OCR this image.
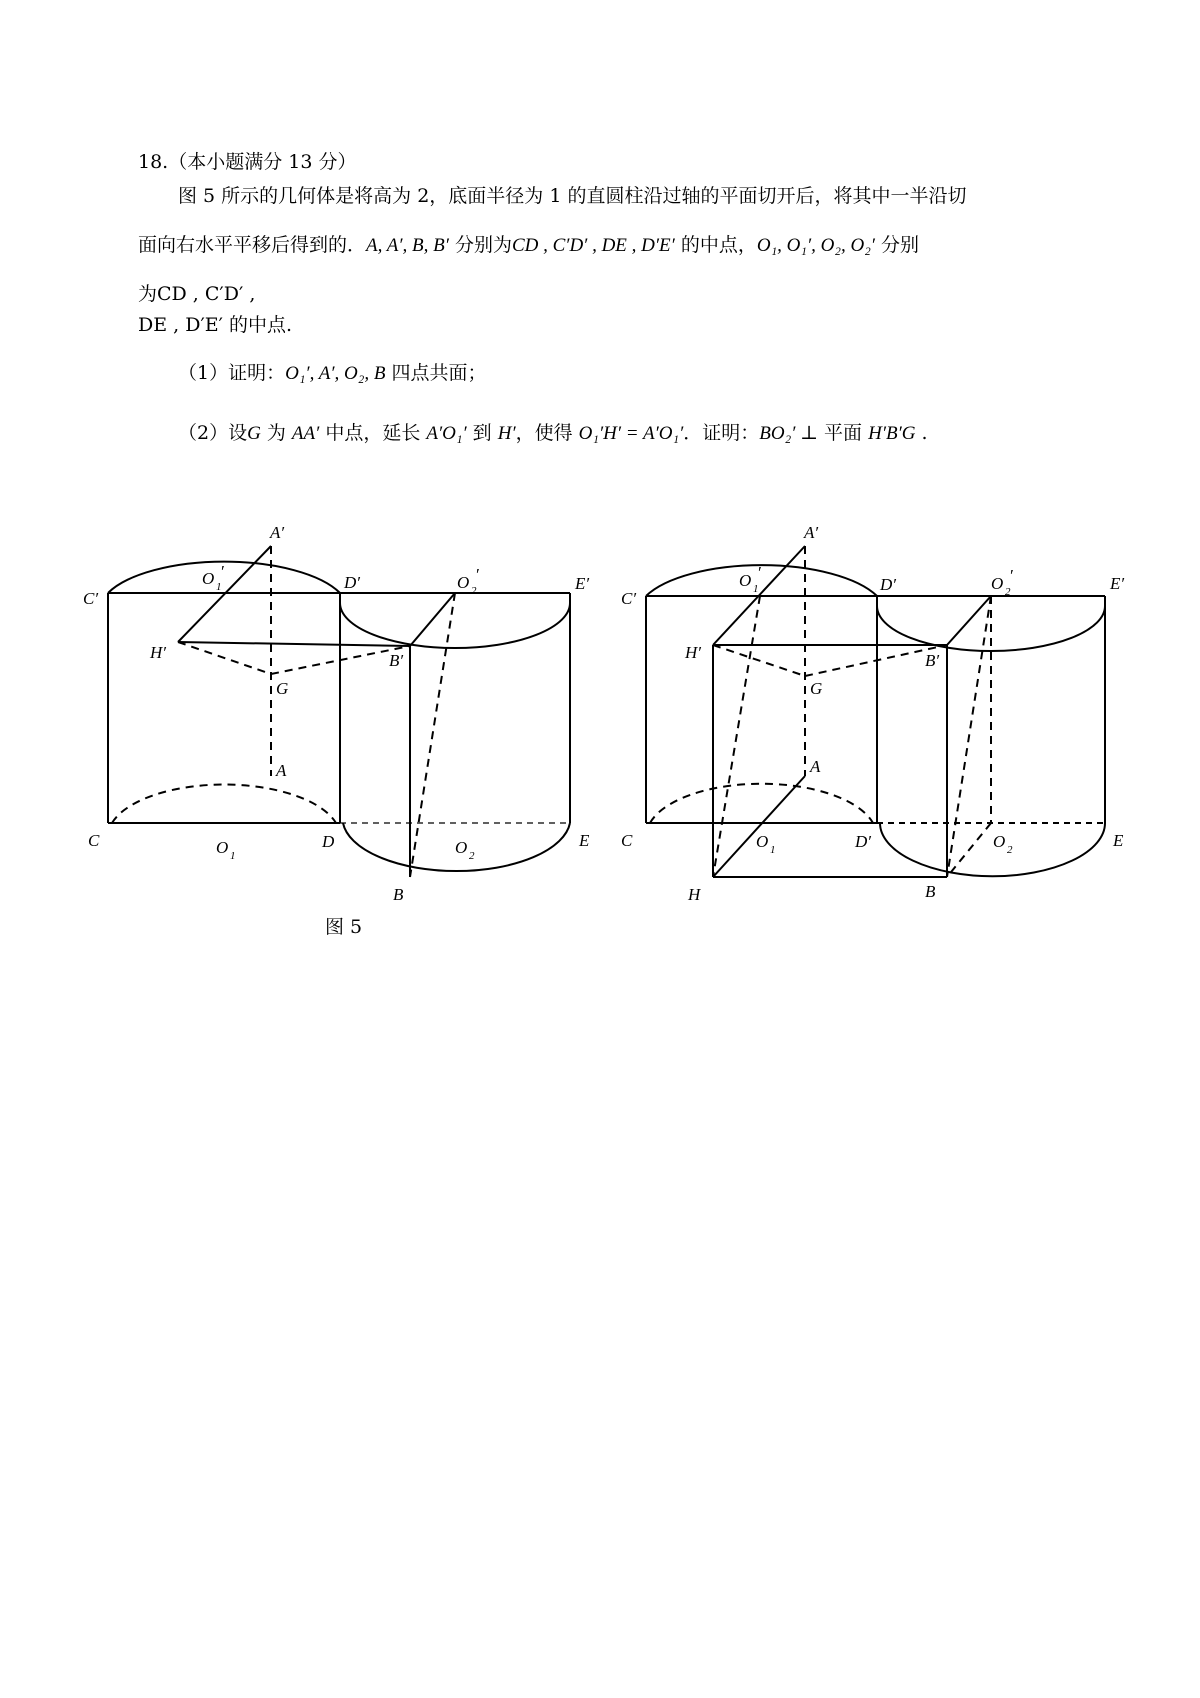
18.（本小题满分 13 分）
图 5 所示的几何体是将高为 2，底面半径为 1 的直圆柱沿过轴的平面切开后，将其中一半沿切
面向右水平平移后得到的．A, A′, B, B′ 分别为CD , C′D′ , DE , D′E′ 的中点，O₁, O₁′, O₂, O₂′ 分别
为CD , C′D′ ,
DE , D′E′ 的中点.
（1）证明：O₁′, A′, O₂, B 四点共面；
（2）设G 为 AA′ 中点，延长 A′O₁′ 到 H′，使得 O₁′H′ = A′O₁′．证明：BO₂′ ⊥ 平面 H′B′G .
A′
O 1
′
D′	O 2
′	E′
C′
H′	B′
G
A
C	O 1
D	O 2
E
B
A′
O 1
′
D′	O 2
′	E′
C′
H′	B′
G
A
C	O 1	D′	O 2	E
B
H
图 5
